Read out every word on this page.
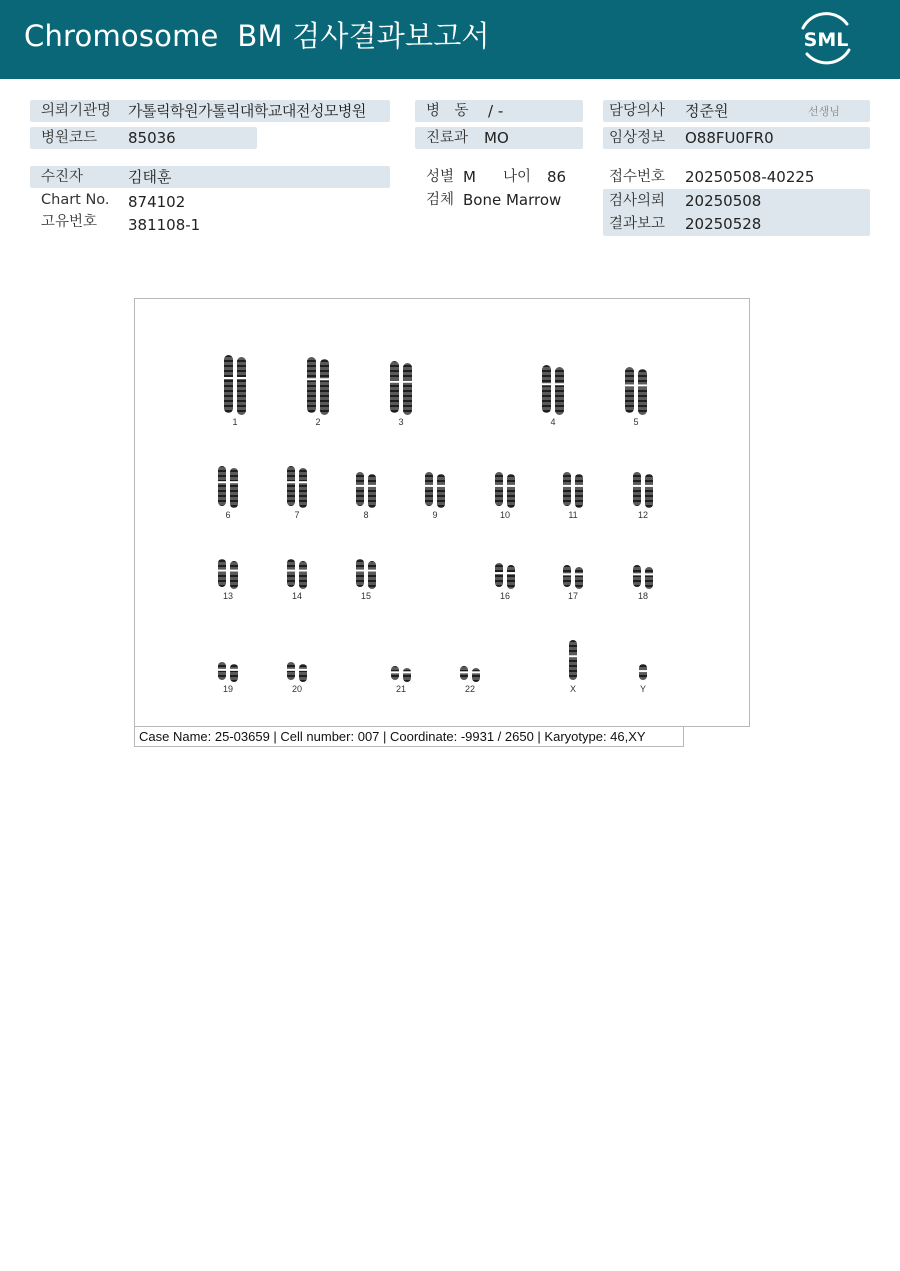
Chromosome  BM 검사결과보고서	SML
의뢰기관명 가톨릭학원가톨릭대학교대전성모병원
병원코드 85036
수진자	김태훈
Chart No. 874102
고유번호 381108-1
병　동 / -
진료과 MO
성별 M 나이 86
검체 Bone Marrow
담당의사 정준원	선생님
임상정보 O88FU0FR0
접수번호 20250508-40225
검사의뢰 20250508
결과보고 20250528
1	2	3	4	5
6	7	8	9	10	11	12
13	14	15	16	17	18
19	20	21	22	X	Y
Case Name: 25-03659 | Cell number: 007 | Coordinate: -9931 / 2650 | Karyotype: 46,XY
